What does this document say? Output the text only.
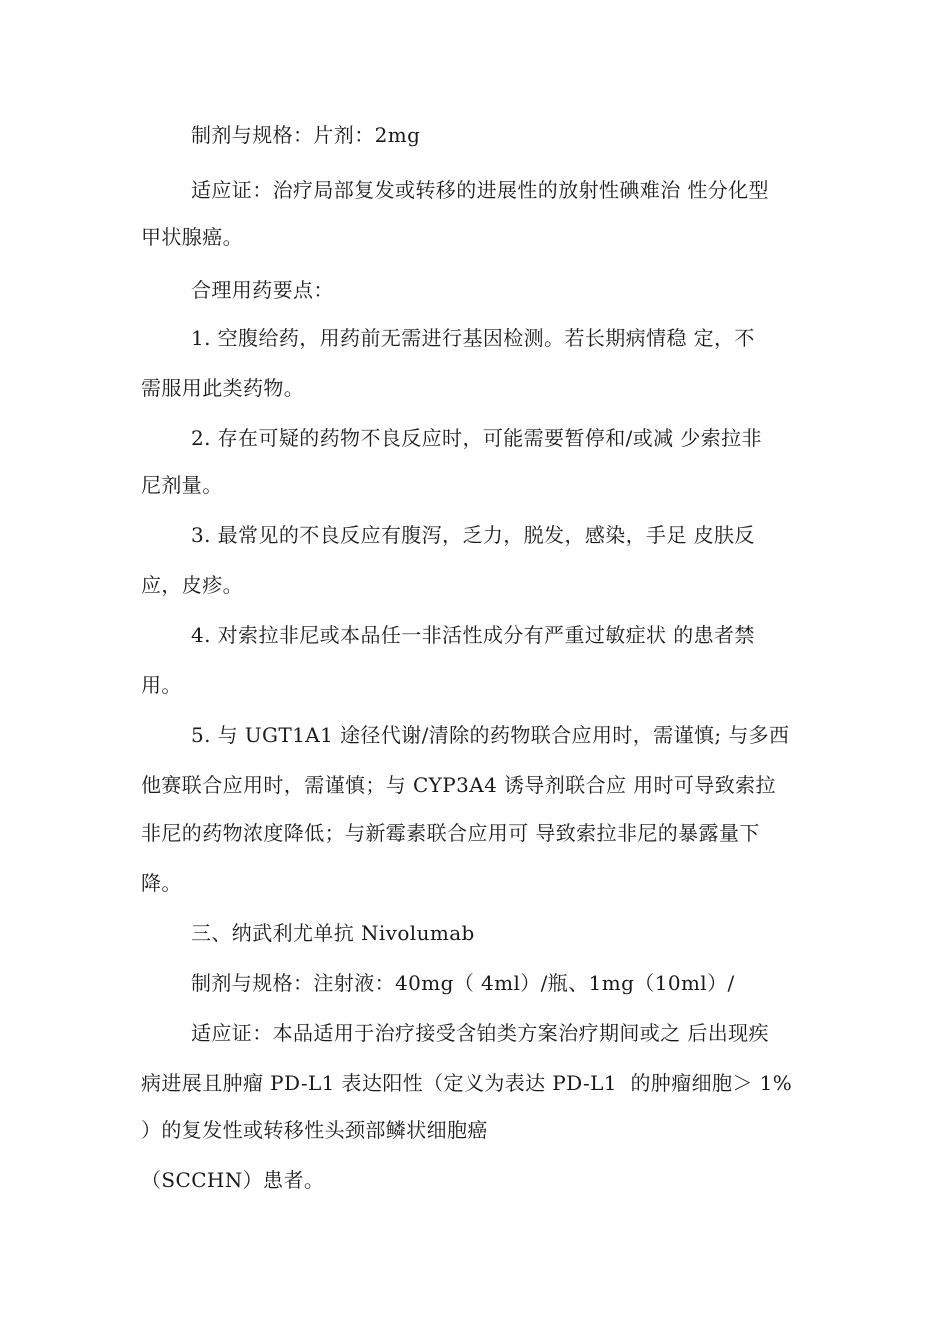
制剂与规格：片剂：2mg
适应证：治疗局部复发或转移的进展性的放射性碘难治 性分化型
甲状腺癌。
合理用药要点：
1. 空腹给药，用药前无需进行基因检测。若长期病情稳 定，不
需服用此类药物。
2. 存在可疑的药物不良反应时，可能需要暂停和/或减 少索拉非
尼剂量。
3. 最常见的不良反应有腹泻，乏力，脱发，感染，手足 皮肤反
应，皮疹。
4. 对索拉非尼或本品任一非活性成分有严重过敏症状 的患者禁
用。
5. 与 UGT1A1 途径代谢/清除的药物联合应用时，需谨慎; 与多西
他赛联合应用时，需谨慎；与 CYP3A4 诱导剂联合应 用时可导致索拉
非尼的药物浓度降低；与新霉素联合应用可 导致索拉非尼的暴露量下
降。
三、纳武利尤单抗 Nivolumab
制剂与规格：注射液：40mg（ 4ml）/瓶、1mg（10ml）/
适应证：本品适用于治疗接受含铂类方案治疗期间或之 后出现疾
病进展且肿瘤 PD-L1 表达阳性（定义为表达 PD-L1  的肿瘤细胞＞ 1%
）的复发性或转移性头颈部鳞状细胞癌
（SCCHN）患者。
